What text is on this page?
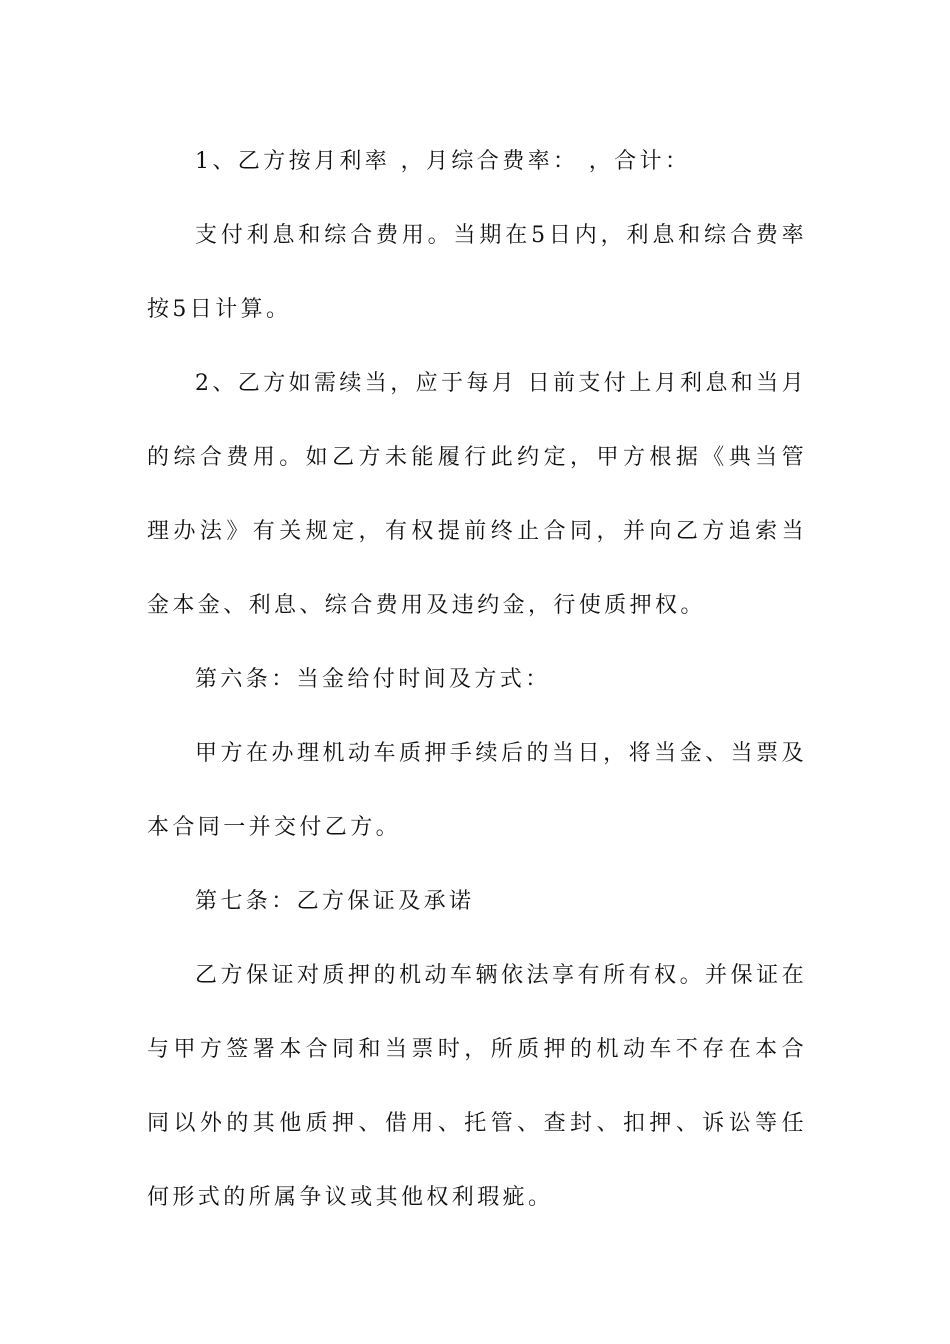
1、乙方按月利率 ，月综合费率： ，合计：

支付利息和综合费用。当期在5日内，利息和综合费率按5日计算。

2、乙方如需续当，应于每月 日前支付上月利息和当月的综合费用。如乙方未能履行此约定，甲方根据《典当管理办法》有关规定，有权提前终止合同，并向乙方追索当金本金、利息、综合费用及违约金，行使质押权。

第六条：当金给付时间及方式：

甲方在办理机动车质押手续后的当日，将当金、当票及本合同一并交付乙方。

第七条：乙方保证及承诺

乙方保证对质押的机动车辆依法享有所有权。并保证在与甲方签署本合同和当票时，所质押的机动车不存在本合同以外的其他质押、借用、托管、查封、扣押、诉讼等任何形式的所属争议或其他权利瑕疵。
